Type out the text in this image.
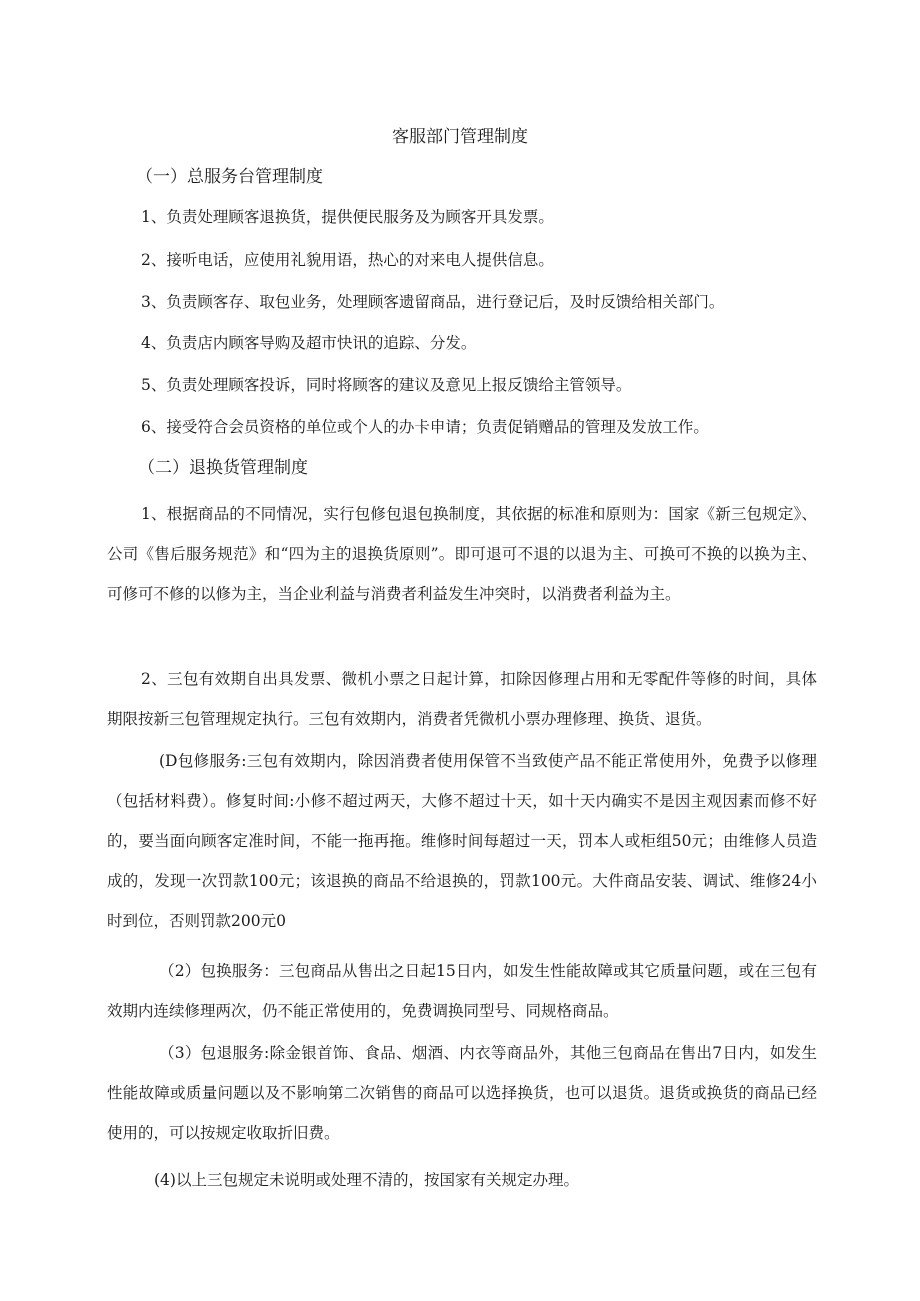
客服部门管理制度
（一）总服务台管理制度
1、负责处理顾客退换货，提供便民服务及为顾客开具发票。
2、接听电话，应使用礼貌用语，热心的对来电人提供信息。
3、负责顾客存、取包业务，处理顾客遗留商品，进行登记后，及时反馈给相关部门。
4、负责店内顾客导购及超市快讯的追踪、分发。
5、负责处理顾客投诉，同时将顾客的建议及意见上报反馈给主管领导。
6、接受符合会员资格的单位或个人的办卡申请；负责促销赠品的管理及发放工作。
（二）退换货管理制度
1、根据商品的不同情况，实行包修包退包换制度，其依据的标准和原则为：国家《新三包规定》、公司《售后服务规范》和“四为主的退换货原则”。即可退可不退的以退为主、可换可不换的以换为主、可修可不修的以修为主，当企业利益与消费者利益发生冲突时，以消费者利益为主。
2、三包有效期自出具发票、微机小票之日起计算，扣除因修理占用和无零配件等修的时间，具体期限按新三包管理规定执行。三包有效期内，消费者凭微机小票办理修理、换货、退货。
(D包修服务:三包有效期内，除因消费者使用保管不当致使产品不能正常使用外，免费予以修理（包括材料费）。修复时间:小修不超过两天，大修不超过十天，如十天内确实不是因主观因素而修不好的，要当面向顾客定准时间，不能一拖再拖。维修时间每超过一天，罚本人或柜组50元；由维修人员造成的，发现一次罚款100元；该退换的商品不给退换的，罚款100元。大件商品安装、调试、维修24小时到位，否则罚款200元0
（2）包换服务：三包商品从售出之日起15日内，如发生性能故障或其它质量问题，或在三包有效期内连续修理两次，仍不能正常使用的，免费调换同型号、同规格商品。
（3）包退服务:除金银首饰、食品、烟酒、内衣等商品外，其他三包商品在售出7日内，如发生性能故障或质量问题以及不影响第二次销售的商品可以选择换货，也可以退货。退货或换货的商品已经使用的，可以按规定收取折旧费。
(4)以上三包规定未说明或处理不清的，按国家有关规定办理。
